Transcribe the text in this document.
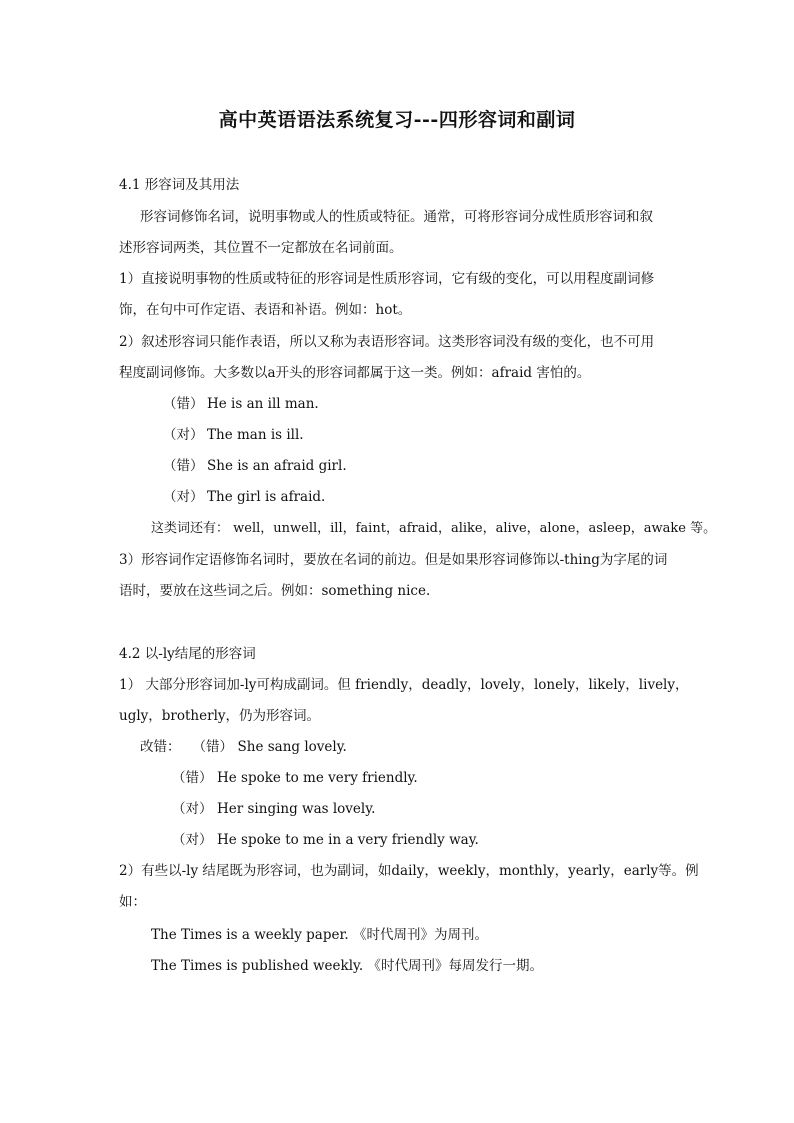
高中英语语法系统复习---四形容词和副词
4.1 形容词及其用法
形容词修饰名词，说明事物或人的性质或特征。通常，可将形容词分成性质形容词和叙
述形容词两类，其位置不一定都放在名词前面。
1）直接说明事物的性质或特征的形容词是性质形容词，它有级的变化，可以用程度副词修
饰，在句中可作定语、表语和补语。例如：hot。
2）叙述形容词只能作表语，所以又称为表语形容词。这类形容词没有级的变化，也不可用
程度副词修饰。大多数以a开头的形容词都属于这一类。例如：afraid 害怕的。
（错） He is an ill man.
（对） The man is ill.
（错） She is an afraid girl.
（对） The girl is afraid.
这类词还有： well，unwell，ill，faint，afraid，alike，alive，alone，asleep，awake 等。
3）形容词作定语修饰名词时，要放在名词的前边。但是如果形容词修饰以-thing为字尾的词
语时，要放在这些词之后。例如：something nice.
4.2 以-ly结尾的形容词
1） 大部分形容词加-ly可构成副词。但 friendly，deadly，lovely，lonely，likely，lively，
ugly，brotherly，仍为形容词。
改错： （错） She sang lovely.
（错） He spoke to me very friendly.
（对） Her singing was lovely.
（对） He spoke to me in a very friendly way.
2）有些以-ly 结尾既为形容词，也为副词，如daily，weekly，monthly，yearly，early等。例
如：
The Times is a weekly paper. 《时代周刊》为周刊。
The Times is published weekly. 《时代周刊》每周发行一期。
